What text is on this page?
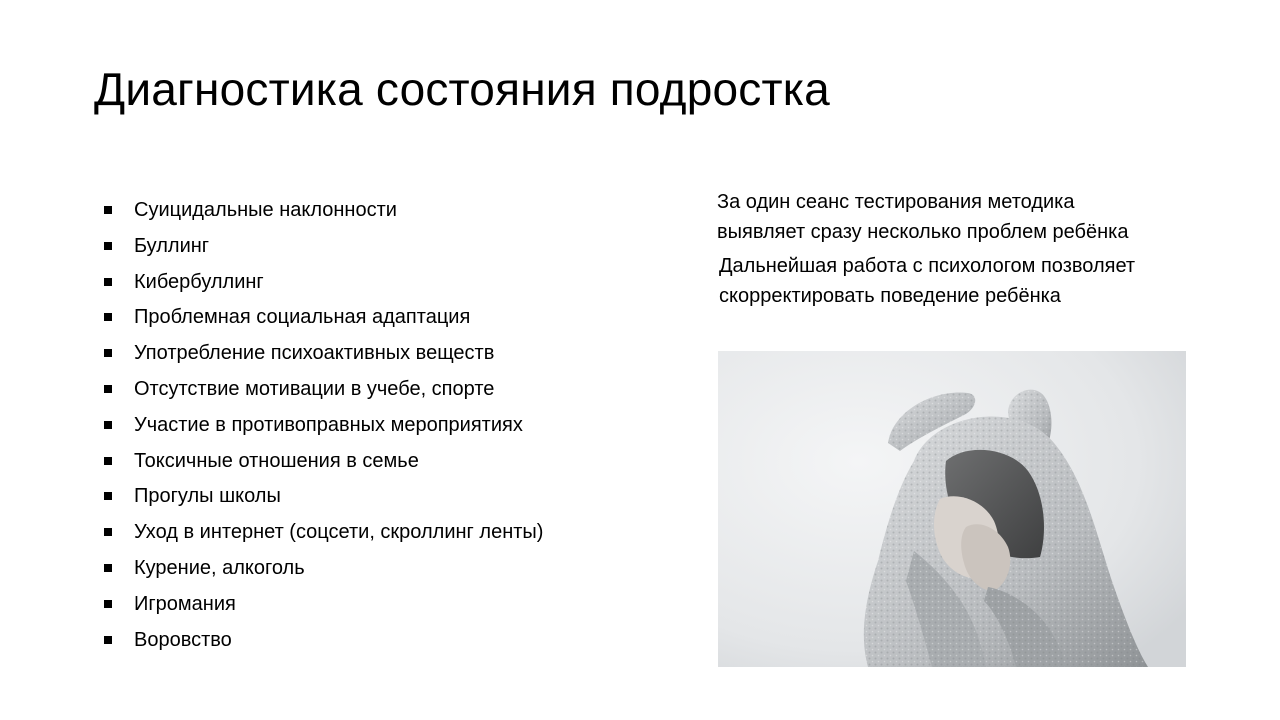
Диагностика состояния подростка
Суицидальные наклонности
Буллинг
Кибербуллинг
Проблемная социальная адаптация
Употребление психоактивных веществ
Отсутствие мотивации в учебе, спорте
Участие в противоправных мероприятиях
Токсичные отношения в семье
Прогулы школы
Уход в интернет (соцсети, скроллинг ленты)
Курение, алкоголь
Игромания
Воровство

За один сеанс тестирования методика
выявляет сразу несколько проблем ребёнка

Дальнейшая работа с психологом позволяет
скорректировать поведение ребёнка
